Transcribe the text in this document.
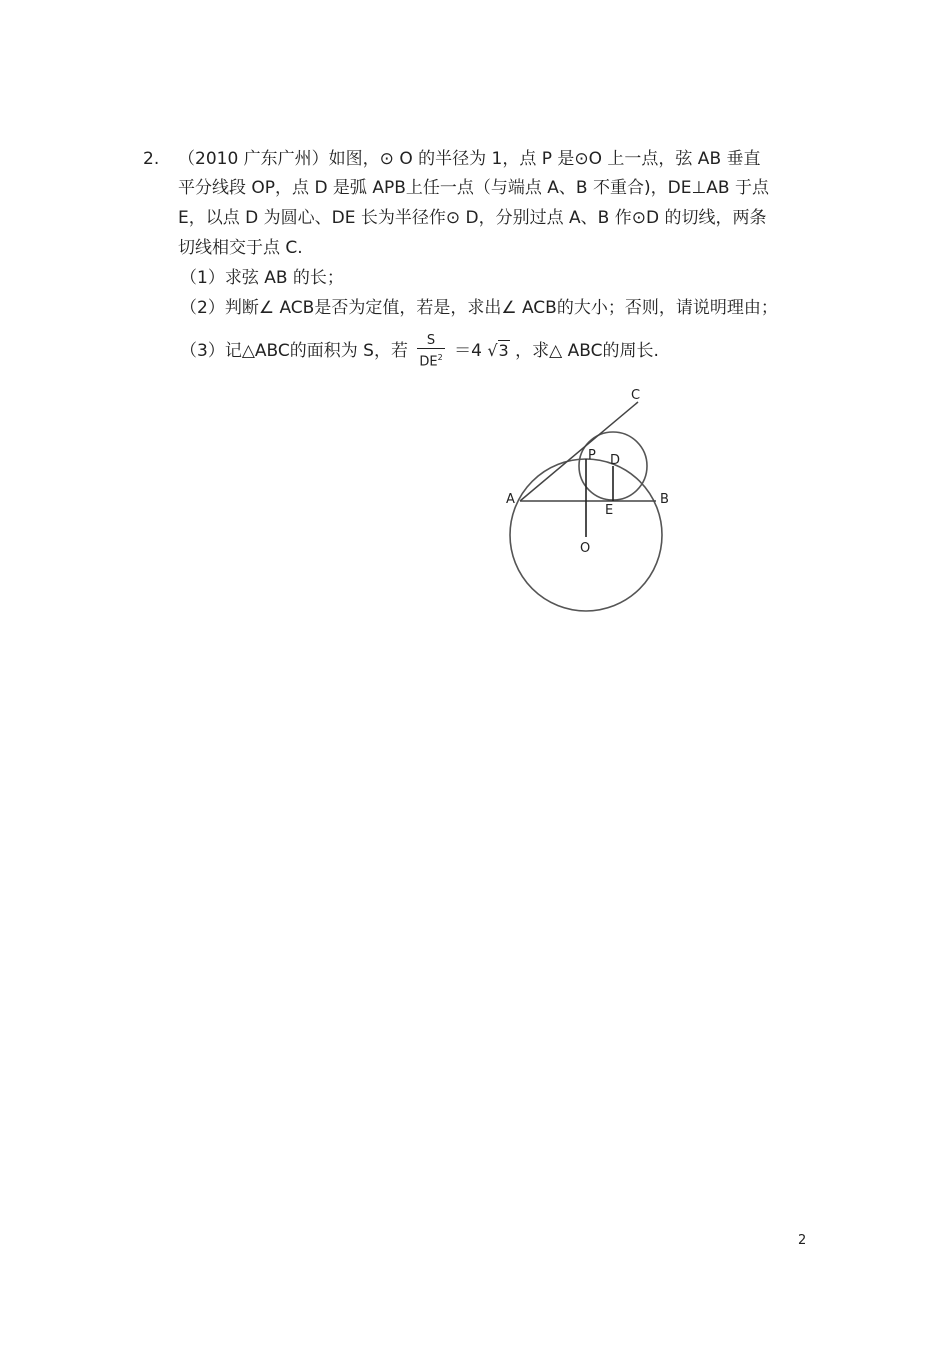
2. （2010 广东广州）如图，⊙ O 的半径为 1，点 P 是⊙O 上一点，弦 AB 垂直
平分线段 OP，点 D 是弧 APB上任一点（与端点 A、B 不重合)，DE⊥AB 于点
E，以点 D 为圆心、DE 长为半径作⊙ D，分别过点 A、B 作⊙D 的切线，两条
切线相交于点 C.
（1）求弦 AB 的长；
（2）判断∠ ACB是否为定值，若是，求出∠ ACB的大小；否则，请说明理由；
（3）记△ABC的面积为 S，若 $\frac{S}{DE^2} =4$ √3 ，求△ ABC的周长.
C
P D
A	B
E
O
2
